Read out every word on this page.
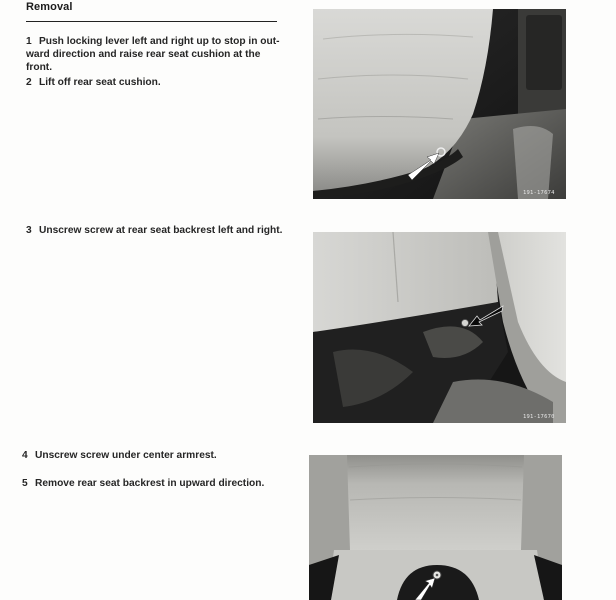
Removal

1 Push locking lever left and right up to stop in out-ward direction and raise rear seat cushion at the front.

2 Lift off rear seat cushion.

3 Unscrew screw at rear seat backrest left and right.

4 Unscrew screw under center armrest.

5 Remove rear seat backrest in upward direction.

191-17674
191-17670
